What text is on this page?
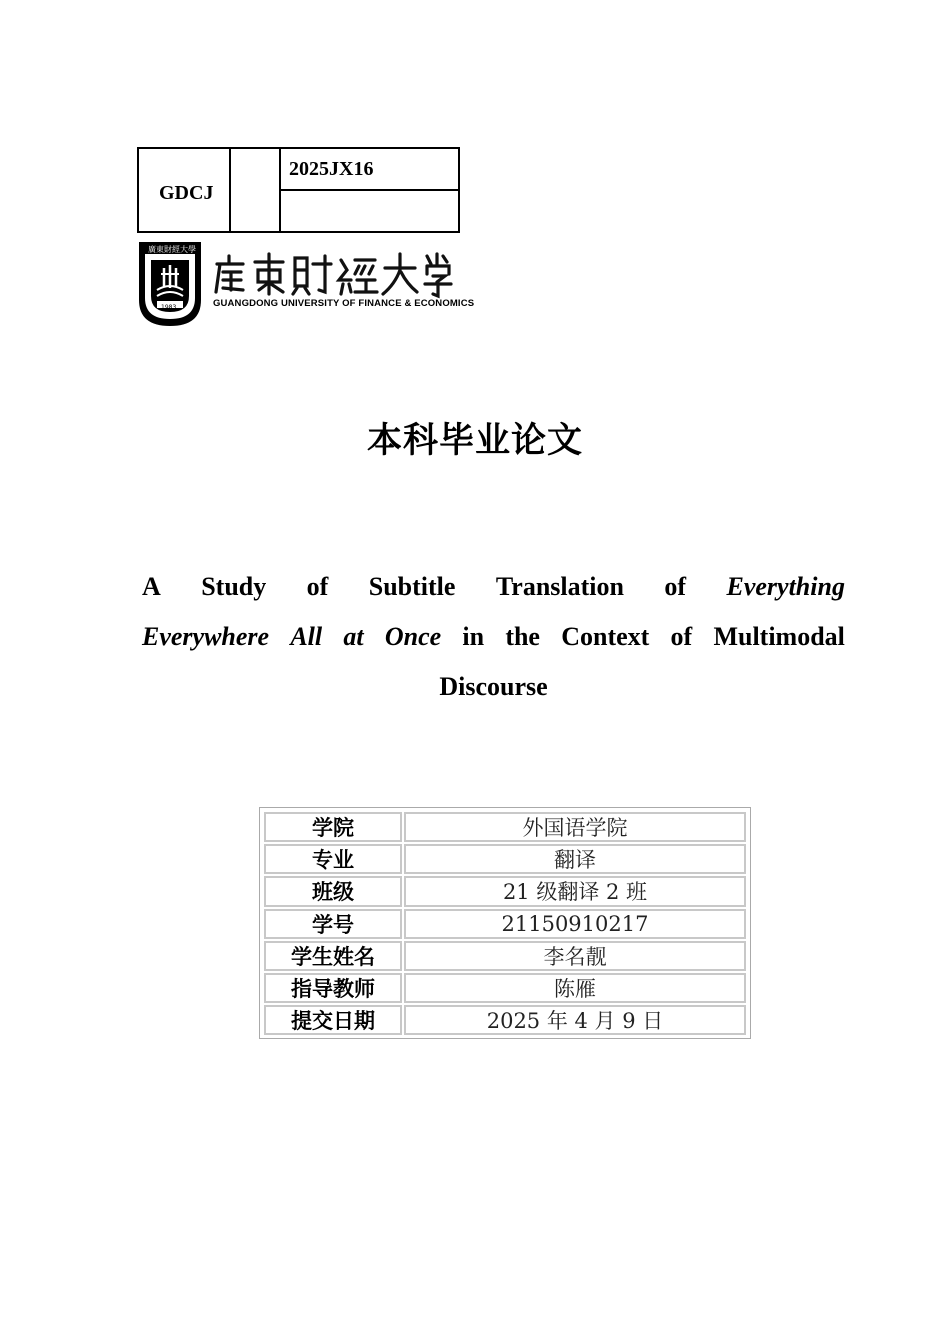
GDCJ
2025JX16
廣東財經大學
1983	GUANGDONG UNIVERSITY OF FINANCE & ECONOMICS
本科毕业论文
A Study of Subtitle Translation of Everything
Everywhere All at Once in the Context of Multimodal
Discourse
学院	外国语学院
专业	翻译
班级	21 级翻译 2 班
学号	21150910217
学生姓名	李名靓
指导教师	陈雁
提交日期	2025 年 4 月 9 日
